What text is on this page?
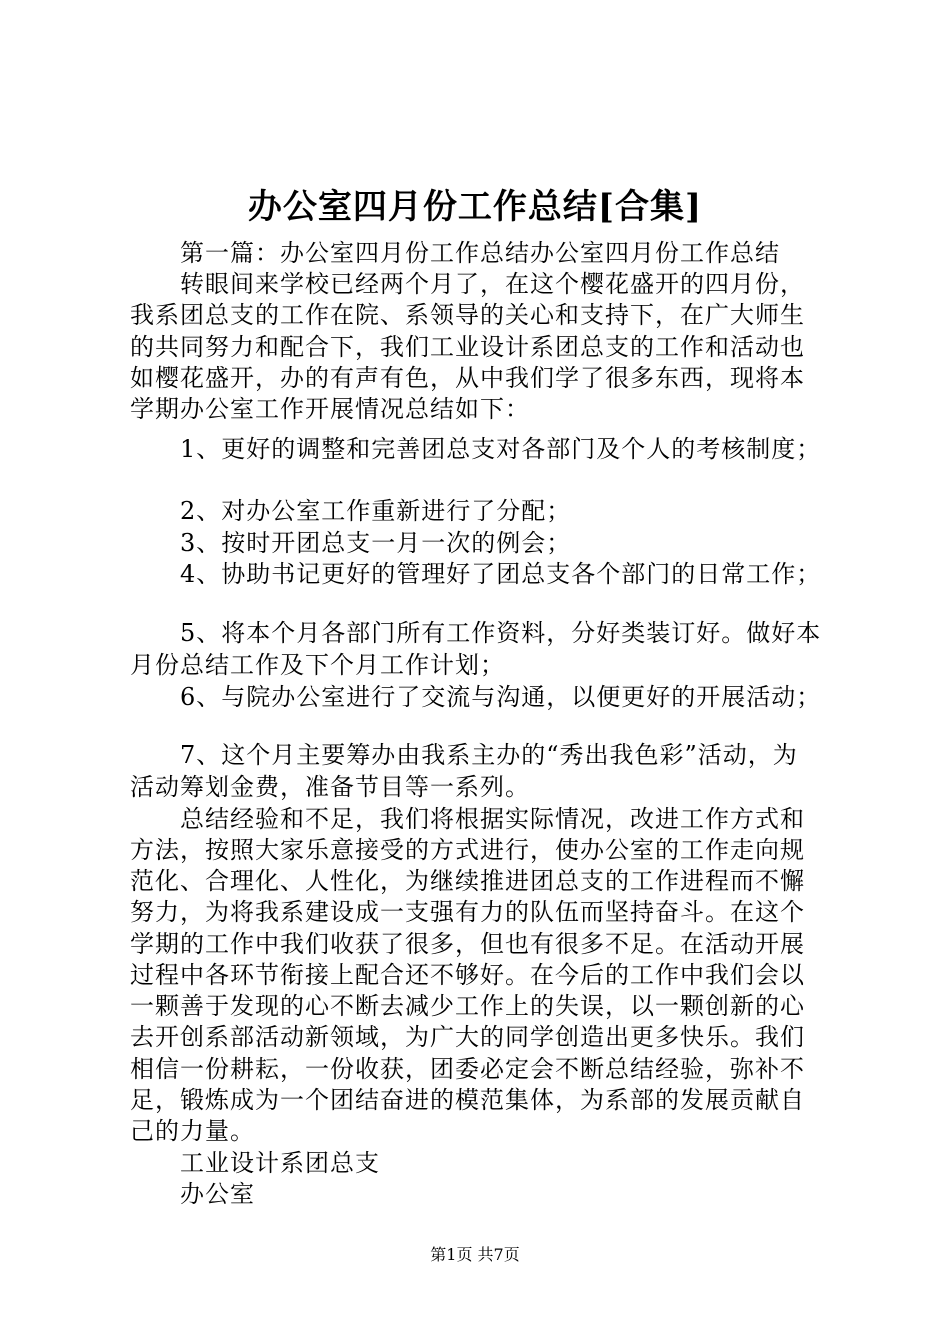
办公室四月份工作总结[合集]
第一篇：办公室四月份工作总结办公室四月份工作总结
转眼间来学校已经两个月了，在这个樱花盛开的四月份，
我系团总支的工作在院、系领导的关心和支持下，在广大师生
的共同努力和配合下，我们工业设计系团总支的工作和活动也
如樱花盛开，办的有声有色，从中我们学了很多东西，现将本
学期办公室工作开展情况总结如下：
1、更好的调整和完善团总支对各部门及个人的考核制度；
2、对办公室工作重新进行了分配；
3、按时开团总支一月一次的例会；
4、协助书记更好的管理好了团总支各个部门的日常工作；
5、将本个月各部门所有工作资料，分好类装订好。做好本
月份总结工作及下个月工作计划；
6、与院办公室进行了交流与沟通，以便更好的开展活动；
7、这个月主要筹办由我系主办的“秀出我色彩”活动，为
活动筹划金费，准备节目等一系列。
总结经验和不足，我们将根据实际情况，改进工作方式和
方法，按照大家乐意接受的方式进行，使办公室的工作走向规
范化、合理化、人性化，为继续推进团总支的工作进程而不懈
努力，为将我系建设成一支强有力的队伍而坚持奋斗。在这个
学期的工作中我们收获了很多，但也有很多不足。在活动开展
过程中各环节衔接上配合还不够好。在今后的工作中我们会以
一颗善于发现的心不断去减少工作上的失误，以一颗创新的心
去开创系部活动新领域，为广大的同学创造出更多快乐。我们
相信一份耕耘，一份收获，团委必定会不断总结经验，弥补不
足，锻炼成为一个团结奋进的模范集体，为系部的发展贡献自
己的力量。
工业设计系团总支
办公室
第1页 共7页
